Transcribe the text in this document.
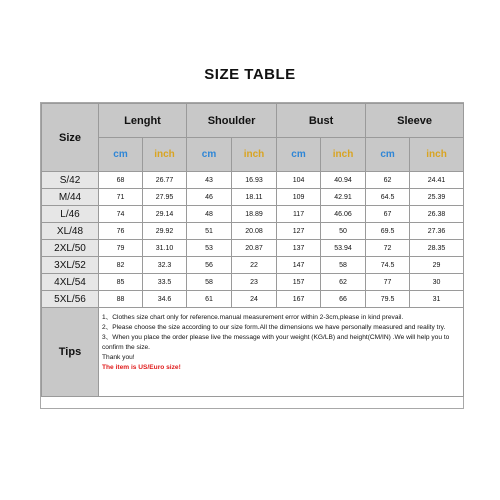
SIZE TABLE
Size	Lenght		Shoulder		Bust		Sleeve	
	cm	inch	cm	inch	cm	inch	cm	inch
S/42	68	26.77	43	16.93	104	40.94	62	24.41
M/44	71	27.95	46	18.11	109	42.91	64.5	25.39
L/46	74	29.14	48	18.89	117	46.06	67	26.38
XL/48	76	29.92	51	20.08	127	50	69.5	27.36
2XL/50	79	31.10	53	20.87	137	53.94	72	28.35
3XL/52	82	32.3	56	22	147	58	74.5	29
4XL/54	85	33.5	58	23	157	62	77	30
5XL/56	88	34.6	61	24	167	66	79.5	31
Tips	1、Clothes size chart only for reference.manual measurement error within 2-3cm,please in kind prevail.
2、Please choose the size according to our size form.All the dimensions we have personally measured and reality try.
3、When you place the order please live the message with your weight (KG/LB) and height(CM/IN) .We will help you to confirm the size.
Thank you!
The item is US/Euro size!							
